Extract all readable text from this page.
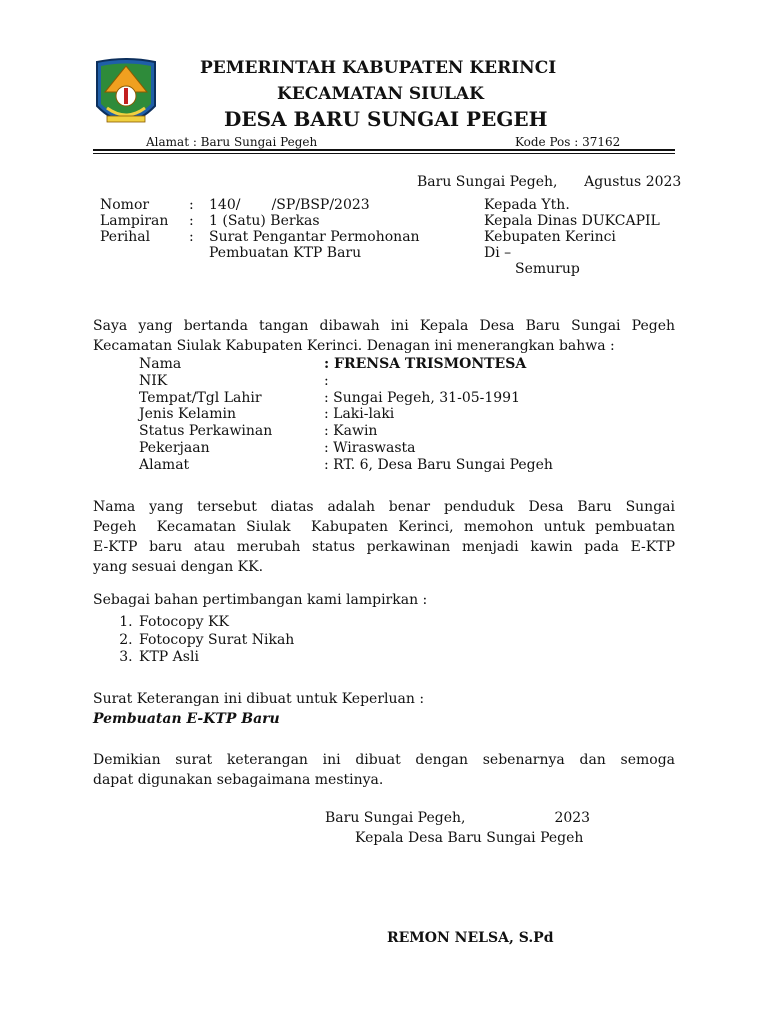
PEMERINTAH KABUPATEN KERINCI
KECAMATAN SIULAK
DESA BARU SUNGAI PEGEH
Alamat : Baru Sungai Pegeh	Kode Pos : 37162
Baru Sungai Pegeh,      Agustus 2023
Nomor	: 140/       /SP/BSP/2023
Lampiran : 1 (Satu) Berkas
Perihal	: Surat Pengantar Permohonan
Pembuatan KTP Baru
Kepada Yth.
Kepala Dinas DUKCAPIL
Kebupaten Kerinci
Di –
Semurup
Saya yang bertanda tangan dibawah ini Kepala Desa Baru Sungai Pegeh
Kecamatan Siulak Kabupaten Kerinci. Denagan ini menerangkan bahwa :
Nama	: FRENSA TRISMONTESA
NIK	:
Tempat/Tgl Lahir	: Sungai Pegeh, 31-05-1991
Jenis Kelamin	: Laki-laki
Status Perkawinan	: Kawin
Pekerjaan	: Wiraswasta
Alamat	: RT. 6, Desa Baru Sungai Pegeh
Nama yang tersebut diatas adalah benar penduduk Desa Baru Sungai
Pegeh  Kecamatan Siulak  Kabupaten Kerinci, memohon untuk pembuatan
E-KTP baru atau merubah status perkawinan menjadi kawin pada E-KTP
yang sesuai dengan KK.
Sebagai bahan pertimbangan kami lampirkan :
1. Fotocopy KK
2. Fotocopy Surat Nikah
3. KTP Asli
Surat Keterangan ini dibuat untuk Keperluan :
Pembuatan E-KTP Baru
Demikian surat keterangan ini dibuat dengan sebenarnya dan semoga
dapat digunakan sebagaimana mestinya.
Baru Sungai Pegeh,                    2023
Kepala Desa Baru Sungai Pegeh
REMON NELSA, S.Pd
